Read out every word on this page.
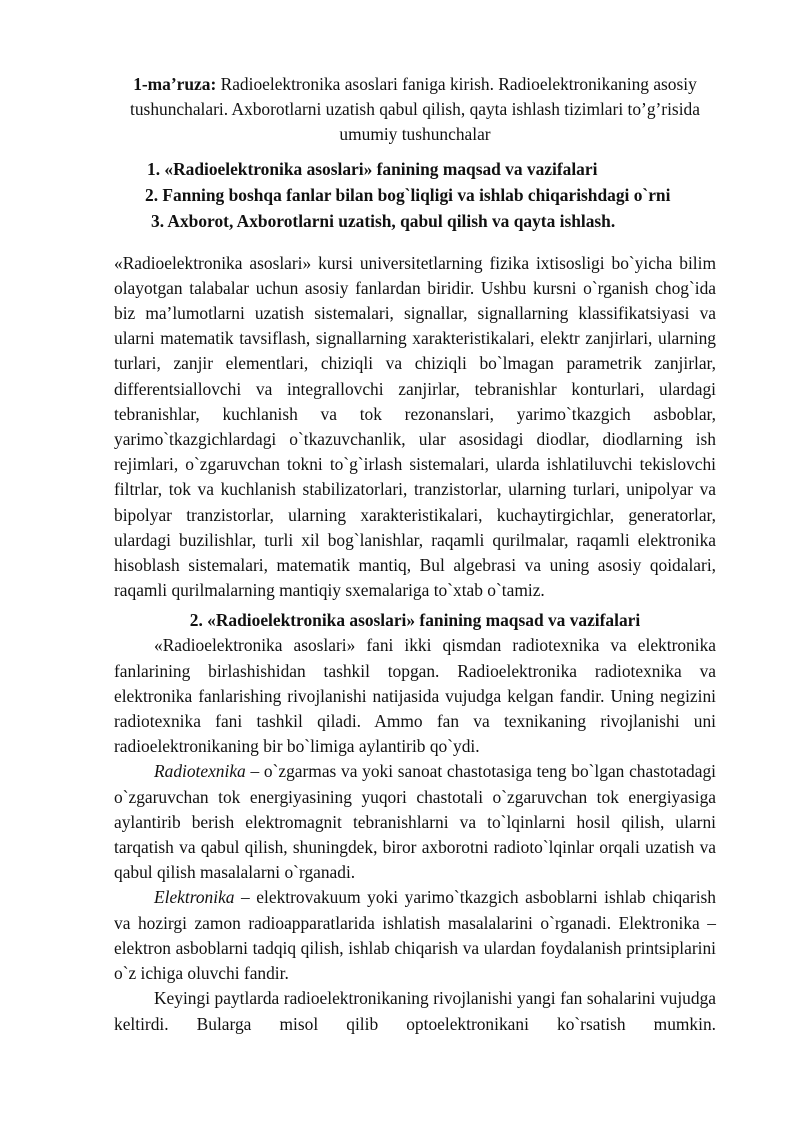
1-ma’ruza: Radioelektronika asoslari faniga kirish. Radioelektronikaning asosiy tushunchalari. Axborotlarni uzatish qabul qilish, qayta ishlash tizimlari to’g’risida umumiy tushunchalar
1. «Radioelektronika asoslari» fanining maqsad va vazifalari
2. Fanning boshqa fanlar bilan bog`liqligi va ishlab chiqarishdagi o`rni
3. Axborot, Axborotlarni uzatish, qabul qilish va qayta ishlash.

«Radioelektronika asoslari» kursi universitetlarning fizika ixtisosligi bo`yicha bilim olayotgan talabalar uchun asosiy fanlardan biridir. Ushbu kursni o`rganish chog`ida biz ma’lumotlarni uzatish sistemalari, signallar, signallarning klassifikatsiyasi va ularni matematik tavsiflash, signallarning xarakteristikalari, elektr zanjirlari, ularning turlari, zanjir elementlari, chiziqli va chiziqli bo`lmagan parametrik zanjirlar, differentsiallovchi va integrallovchi zanjirlar, tebranishlar konturlari, ulardagi tebranishlar, kuchlanish va tok rezonanslari, yarimo`tkazgich asboblar, yarimo`tkazgichlardagi o`tkazuvchanlik, ular asosidagi diodlar, diodlarning ish rejimlari, o`zgaruvchan tokni to`g`irlash sistemalari, ularda ishlatiluvchi tekislovchi filtrlar, tok va kuchlanish stabilizatorlari, tranzistorlar, ularning turlari, unipolyar va bipolyar tranzistorlar, ularning xarakteristikalari, kuchaytirgichlar, generatorlar, ulardagi buzilishlar, turli xil bog`lanishlar, raqamli qurilmalar, raqamli elektronika hisoblash sistemalari, matematik mantiq, Bul algebrasi va uning asosiy qoidalari, raqamli qurilmalarning mantiqiy sxemalariga to`xtab o`tamiz.

2. «Radioelektronika asoslari» fanining maqsad va vazifalari

«Radioelektronika asoslari» fani ikki qismdan radiotexnika va elektronika fanlarining birlashishidan tashkil topgan. Radioelektronika radiotexnika va elektronika fanlarishing rivojlanishi natijasida vujudga kelgan fandir. Uning negizini radiotexnika fani tashkil qiladi. Ammo fan va texnikaning rivojlanishi uni radioelektronikaning bir bo`limiga aylantirib qo`ydi.

Radiotexnika – o`zgarmas va yoki sanoat chastotasiga teng bo`lgan chastotadagi o`zgaruvchan tok energiyasining yuqori chastotali o`zgaruvchan tok energiyasiga aylantirib berish elektromagnit tebranishlarni va to`lqinlarni hosil qilish, ularni tarqatish va qabul qilish, shuningdek, biror axborotni radioto`lqinlar orqali uzatish va qabul qilish masalalarni o`rganadi.

Elektronika – elektrovakuum yoki yarimo`tkazgich asboblarni ishlab chiqarish va hozirgi zamon radioapparatlarida ishlatish masalalarini o`rganadi. Elektronika – elektron asboblarni tadqiq qilish, ishlab chiqarish va ulardan foydalanish printsiplarini o`z ichiga oluvchi fandir.

Keyingi paytlarda radioelektronikaning rivojlanishi yangi fan sohalarini vujudga keltirdi. Bularga misol qilib optoelektronikani ko`rsatish mumkin.
